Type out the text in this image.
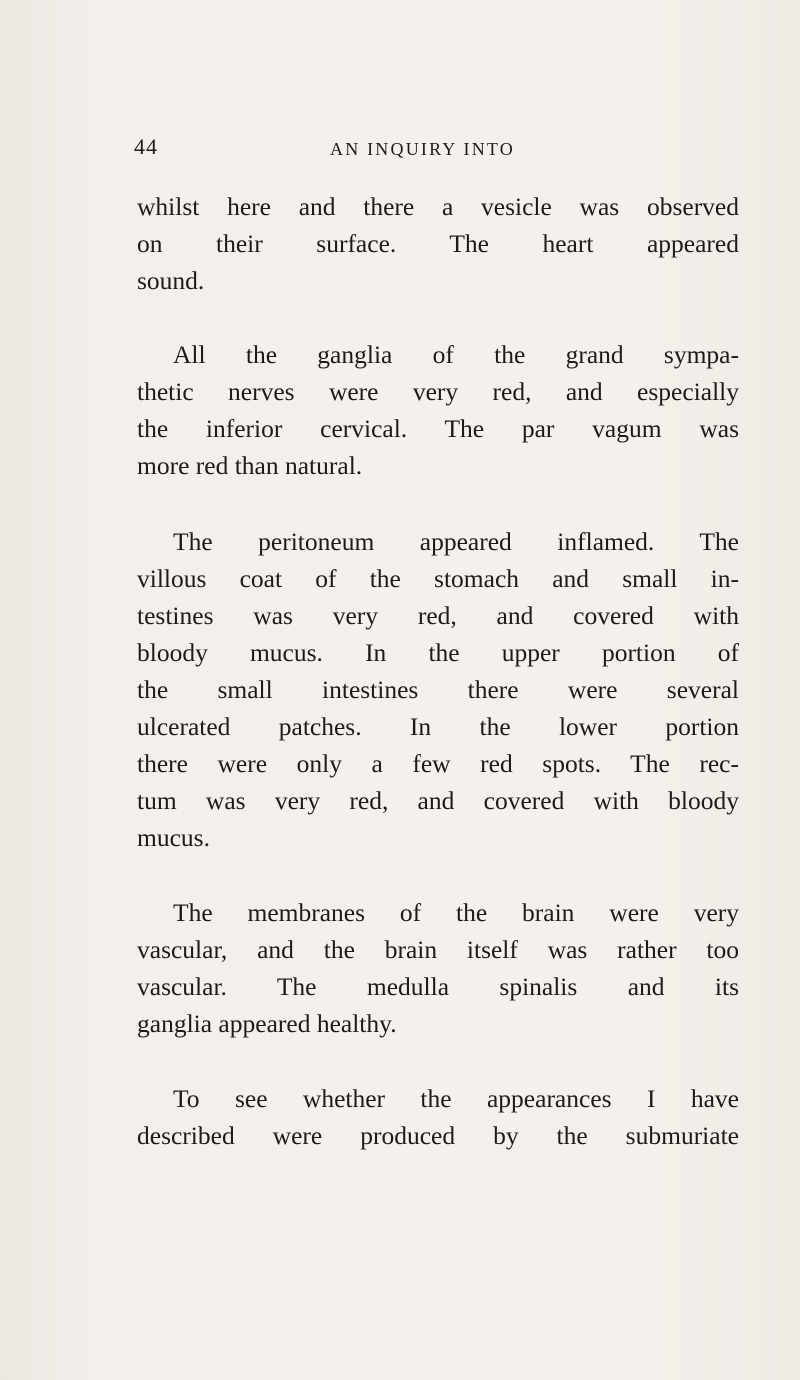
44	AN INQUIRY INTO

whilst here and there a vesicle was observed
on their surface. The heart appeared
sound.

All the ganglia of the grand sympa-
thetic nerves were very red, and especially
the inferior cervical. The par vagum was
more red than natural.

The peritoneum appeared inflamed. The
villous coat of the stomach and small in-
testines was very red, and covered with
bloody mucus. In the upper portion of
the small intestines there were several
ulcerated patches. In the lower portion
there were only a few red spots. The rec-
tum was very red, and covered with bloody
mucus.

The membranes of the brain were very
vascular, and the brain itself was rather too
vascular. The medulla spinalis and its
ganglia appeared healthy.

To see whether the appearances I have
described were produced by the submuriate
